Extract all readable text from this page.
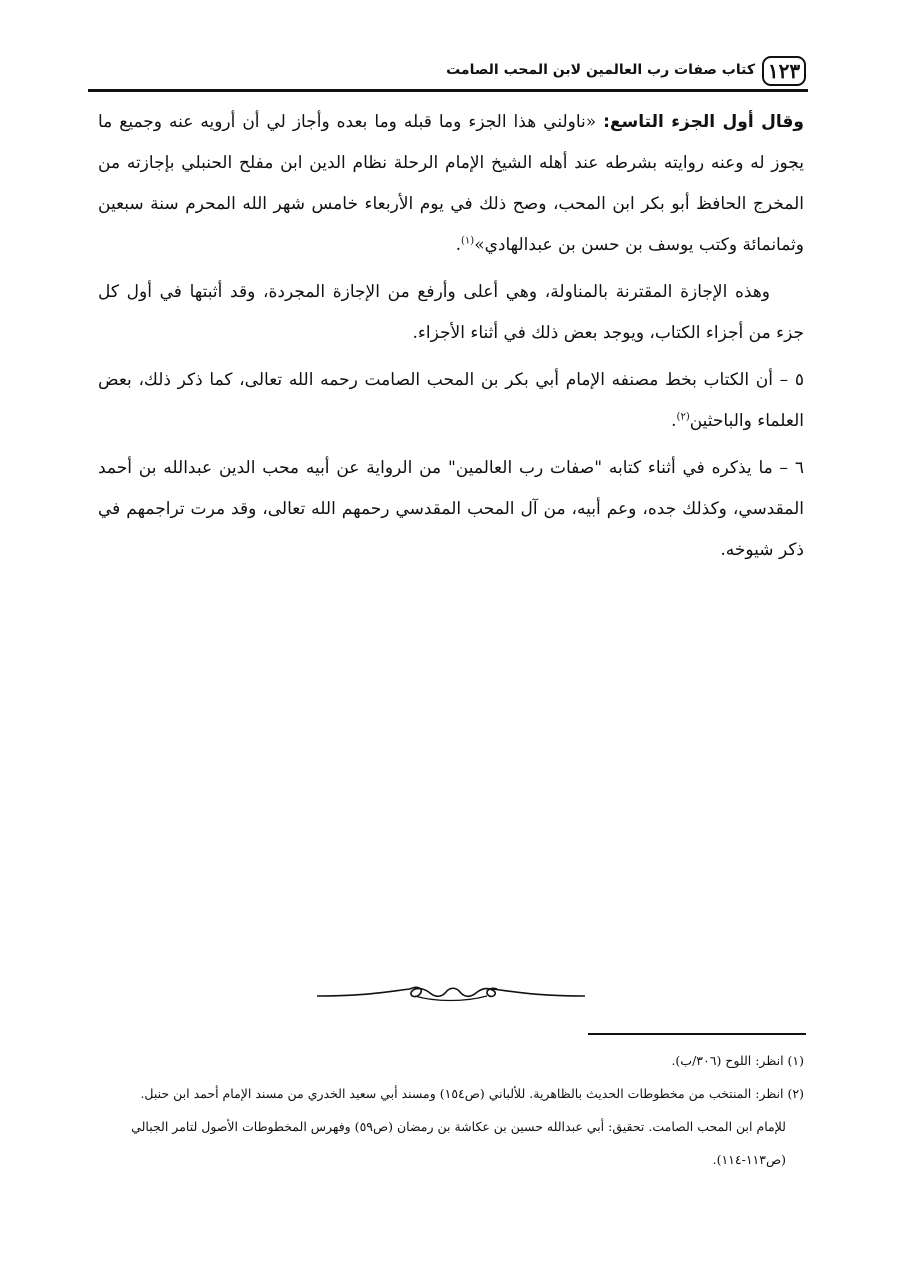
١٢٣
كتاب صفات رب العالمين لابن المحب الصامت

وقال أول الجزء التاسع: «ناولني هذا الجزء وما قبله وما بعده وأجاز لي أن أرويه عنه وجميع ما يجوز له وعنه روايته بشرطه عند أهله الشيخ الإمام الرحلة نظام الدين ابن مفلح الحنبلي بإجازته من المخرج الحافظ أبو بكر ابن المحب، وصح ذلك في يوم الأربعاء خامس شهر الله المحرم سنة سبعين وثمانمائة وكتب يوسف بن حسن بن عبدالهادي»$^{(١)}$.

وهذه الإجازة المقترنة بالمناولة، وهي أعلى وأرفع من الإجازة المجردة، وقد أثبتها في أول كل جزء من أجزاء الكتاب، ويوجد بعض ذلك في أثناء الأجزاء.

٥ – أن الكتاب بخط مصنفه الإمام أبي بكر بن المحب الصامت رحمه الله تعالى، كما ذكر ذلك، بعض العلماء والباحثين$^{(٢)}$.

٦ – ما يذكره في أثناء كتابه "صفات رب العالمين" من الرواية عن أبيه محب الدين عبدالله بن أحمد المقدسي، وكذلك جده، وعم أبيه، من آل المحب المقدسي رحمهم الله تعالى، وقد مرت تراجمهم في ذكر شيوخه.

(١) انظر: اللوح (٣٠٦/ب).

(٢) انظر: المنتخب من مخطوطات الحديث بالظاهرية. للألباني (ص١٥٤) ومسند أبي سعيد الخدري من مسند الإمام أحمد ابن حنبل.

للإمام ابن المحب الصامت. تحقيق: أبي عبدالله حسين بن عكاشة بن رمضان (ص٥٩) وفهرس المخطوطات الأصول لتامر الجبالي

(ص١١٣-١١٤).
